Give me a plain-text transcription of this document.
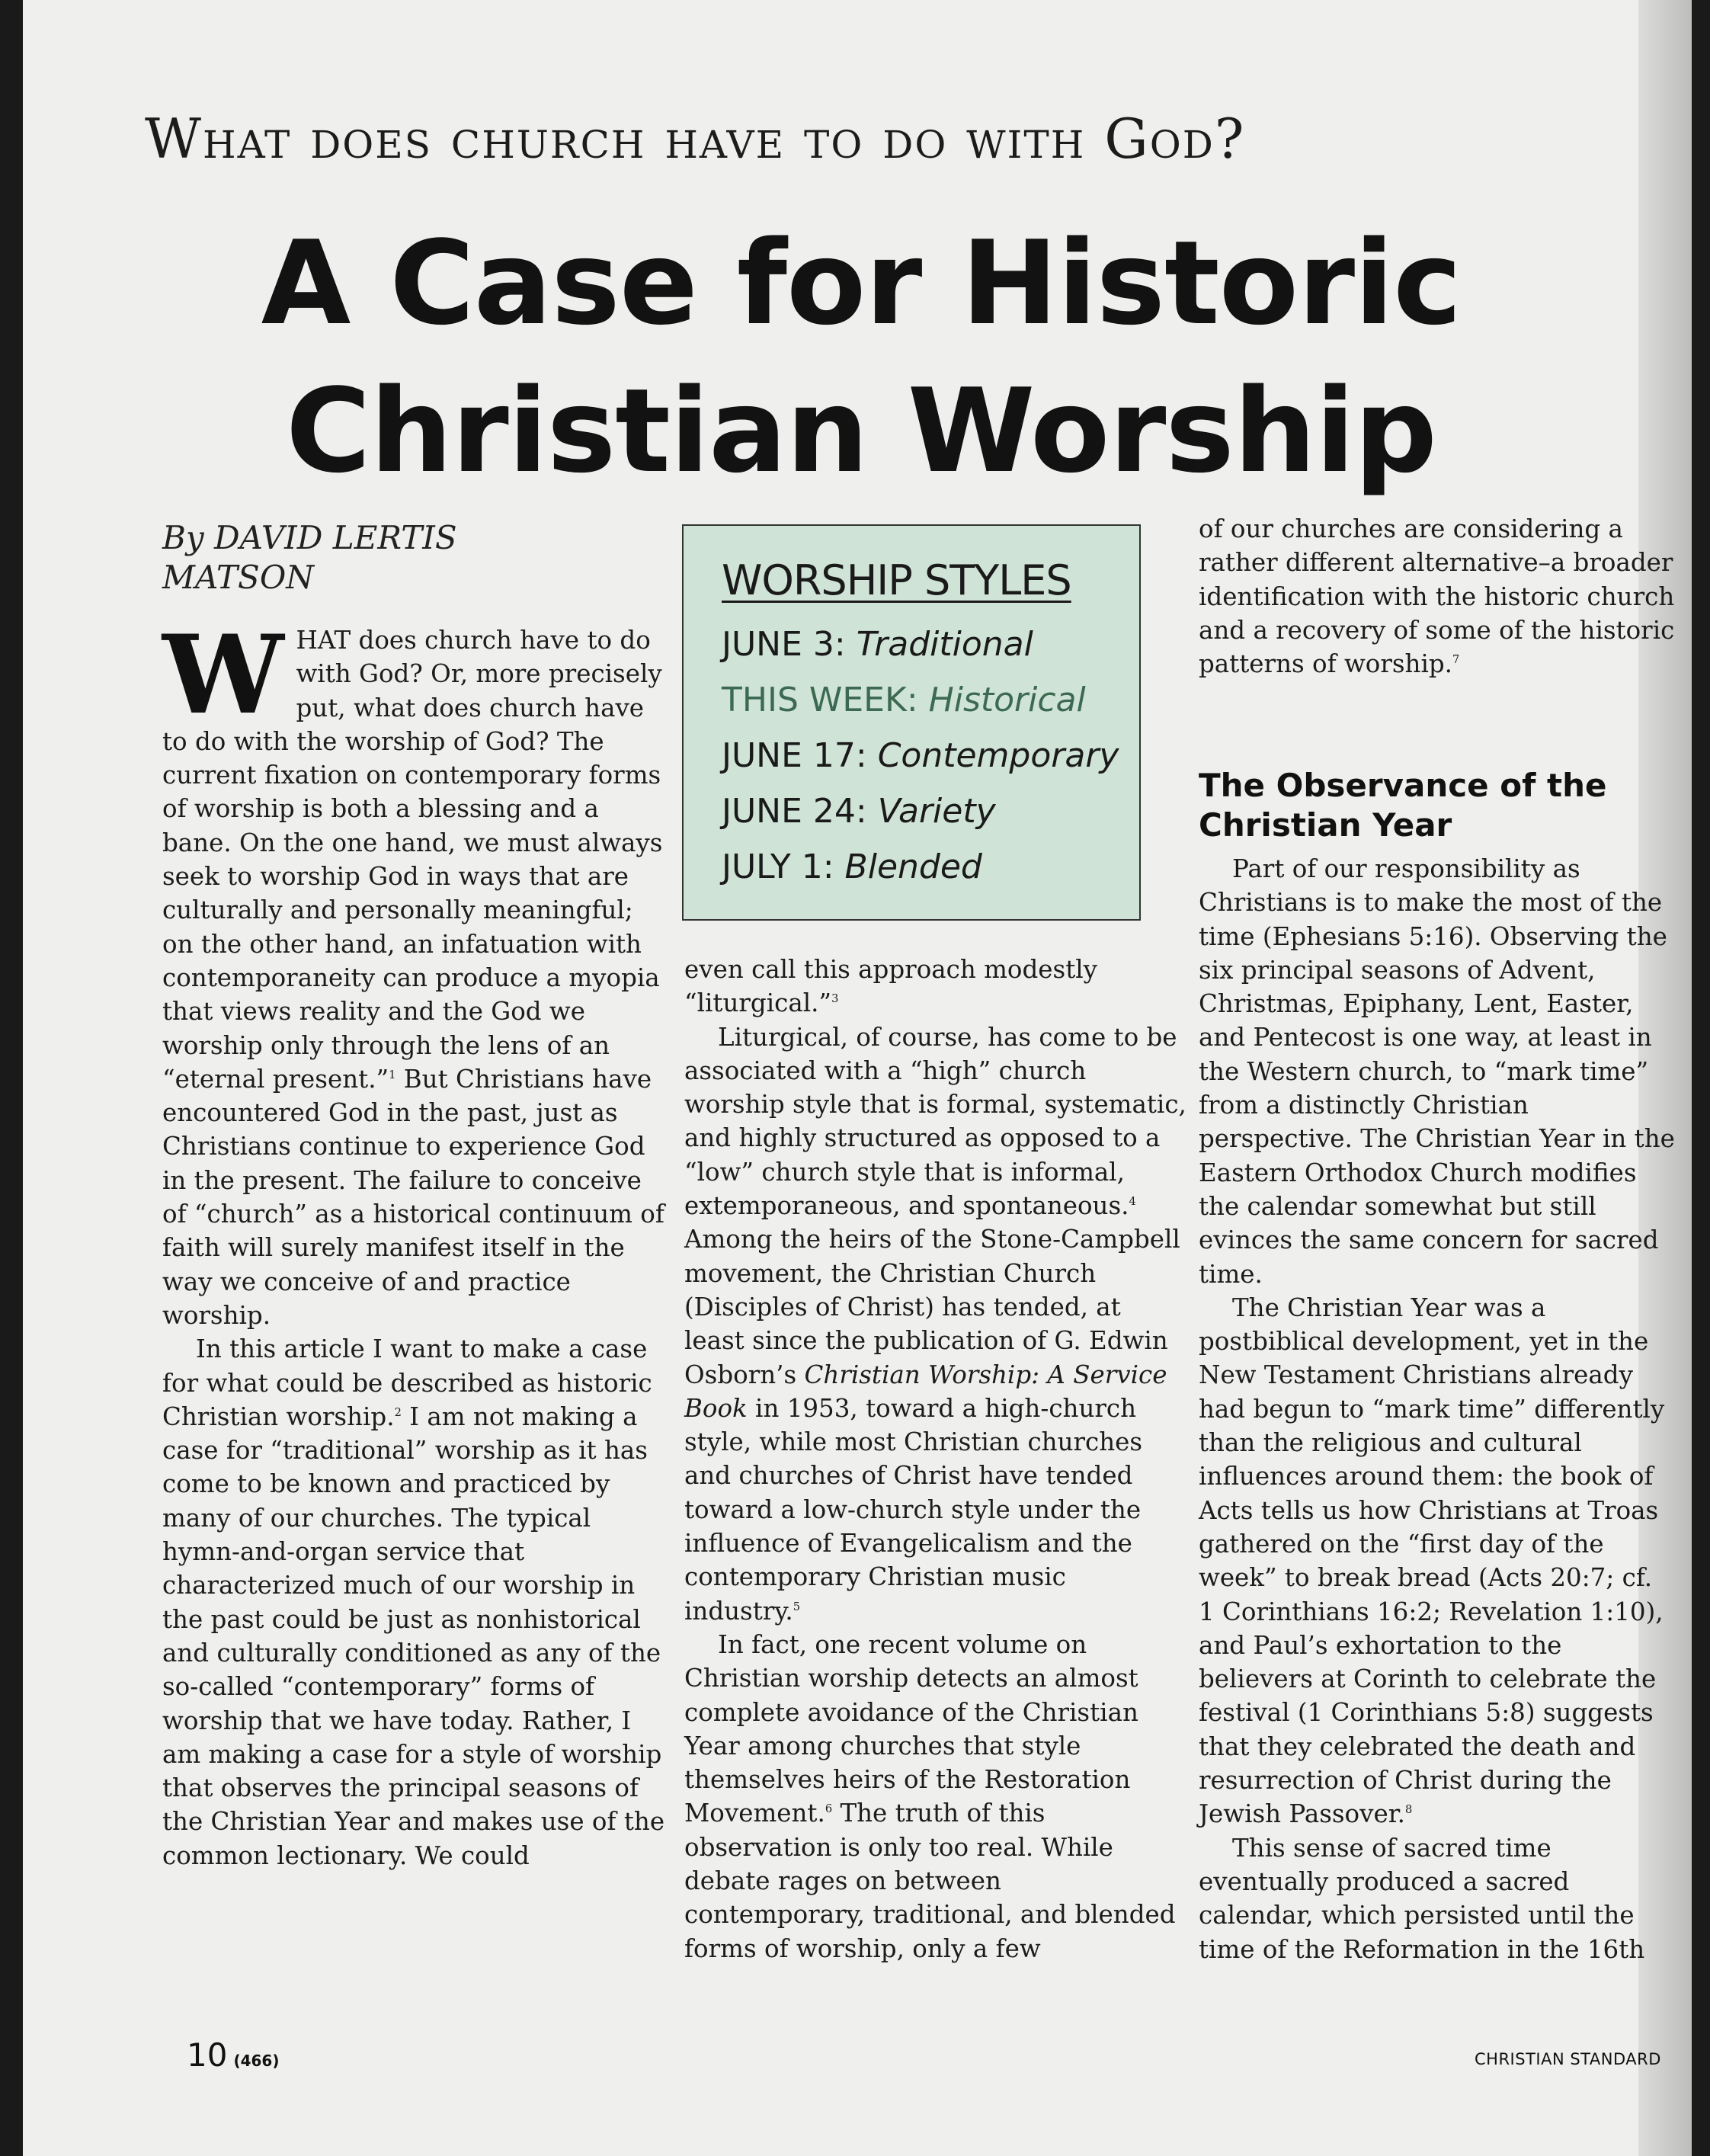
What does church have to do with God?
A Case for Historic
Christian Worship
By DAVID LERTIS MATSON

WHAT does church have to do with God? Or, more precisely put, what does church have to do with the worship of God? The current fixation on contemporary forms of worship is both a blessing and a bane. On the one hand, we must always seek to worship God in ways that are culturally and personally meaningful; on the other hand, an infatuation with contemporaneity can produce a myopia that views reality and the God we worship only through the lens of an “eternal present.”$^1$ But Christians have encountered God in the past, just as Christians continue to experience God in the present. The failure to conceive of “church” as a historical continuum of faith will surely manifest itself in the way we conceive of and practice worship.

In this article I want to make a case for what could be described as historic Christian worship.$^2$ I am not making a case for “traditional” worship as it has come to be known and practiced by many of our churches. The typical hymn-and-organ service that characterized much of our worship in the past could be just as nonhistorical and culturally conditioned as any of the so-called “contemporary” forms of worship that we have today. Rather, I am making a case for a style of worship that observes the principal seasons of the Christian Year and makes use of the common lectionary. We could

WORSHIP STYLES
JUNE 3: Traditional
THIS WEEK: Historical
JUNE 17: Contemporary
JUNE 24: Variety
JULY 1: Blended

even call this approach modestly “liturgical.”$^3$

Liturgical, of course, has come to be associated with a “high” church worship style that is formal, systematic, and highly structured as opposed to a “low” church style that is informal, extemporaneous, and spontaneous.$^4$ Among the heirs of the Stone-Campbell movement, the Christian Church (Disciples of Christ) has tended, at least since the publication of G. Edwin Osborn’s Christian Worship: A Service Book in 1953, toward a high-church style, while most Christian churches and churches of Christ have tended toward a low-church style under the influence of Evangelicalism and the contemporary Christian music industry.$^5$

In fact, one recent volume on Christian worship detects an almost complete avoidance of the Christian Year among churches that style themselves heirs of the Restoration Movement.$^6$ The truth of this observation is only too real. While debate rages on between contemporary, traditional, and blended forms of worship, only a few

of our churches are considering a rather different alternative–a broader identification with the historic church and a recovery of some of the historic patterns of worship.$^7$

The Observance of the Christian Year

Part of our responsibility as Christians is to make the most of the time (Ephesians 5:16). Observing the six principal seasons of Advent, Christmas, Epiphany, Lent, Easter, and Pentecost is one way, at least in the Western church, to “mark time” from a distinctly Christian perspective. The Christian Year in the Eastern Orthodox Church modifies the calendar somewhat but still evinces the same concern for sacred time.

The Christian Year was a postbiblical development, yet in the New Testament Christians already had begun to “mark time” differently than the religious and cultural influences around them: the book of Acts tells us how Christians at Troas gathered on the “first day of the week” to break bread (Acts 20:7; cf. 1 Corinthians 16:2; Revelation 1:10), and Paul’s exhortation to the believers at Corinth to celebrate the festival (1 Corinthians 5:8) suggests that they celebrated the death and resurrection of Christ during the Jewish Passover.$^8$

This sense of sacred time eventually produced a sacred calendar, which persisted until the time of the Reformation in the 16th

10 (466)	CHRISTIAN STANDARD
